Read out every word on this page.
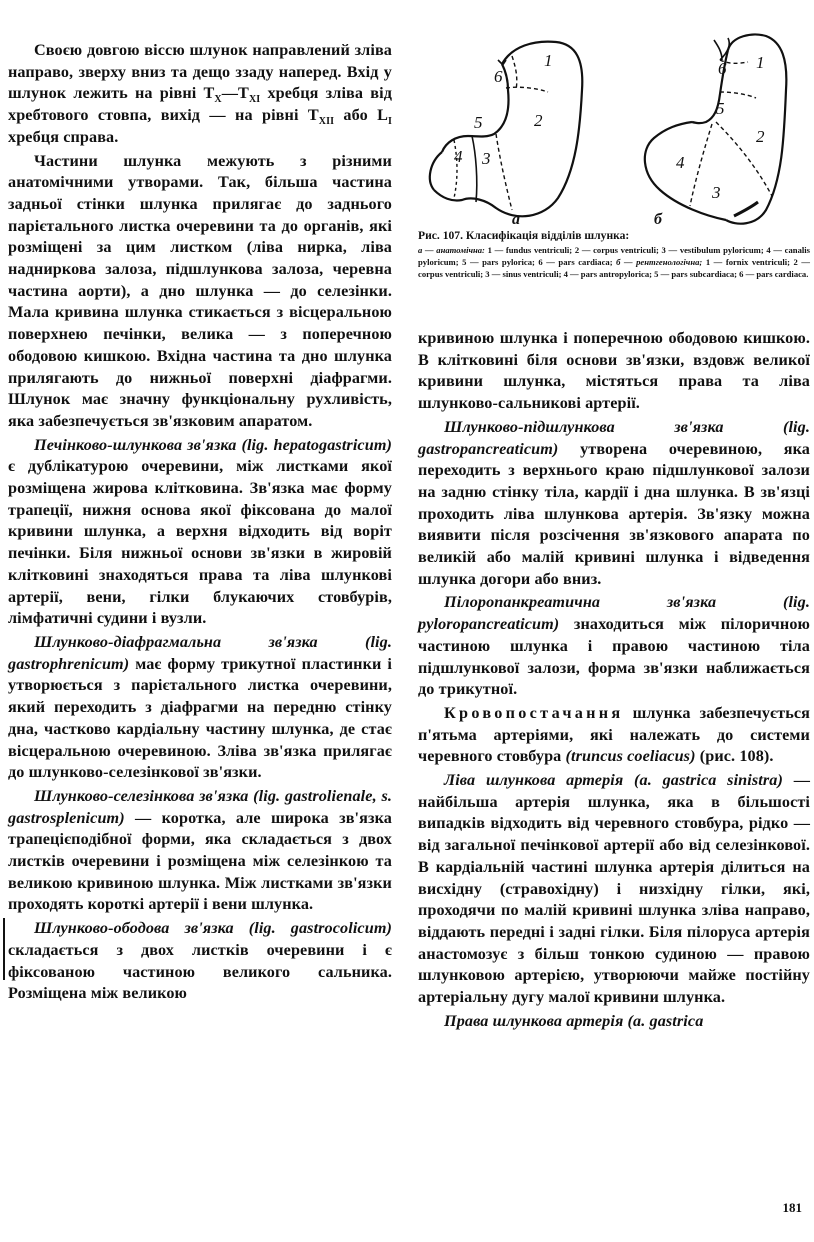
1
2
3
4
5
6
а
1
2
3
4
5
6
б
Рис. 107. Класифікація відділів шлунка:
а — анатомічна: 1 — fundus ventriculi; 2 — corpus ventriculi; 3 — vestibulum pyloricum; 4 — canalis pyloricum; 5 — pars pylorica; 6 — pars cardiaca; б — рентгенологічна; 1 — fornix ventriculi; 2 — corpus ventriculi; 3 — sinus ventriculi; 4 — pars antropylorica; 5 — pars subcardiaca; 6 — pars cardiaca.

Своєю довгою віссю шлунок направлений зліва направо, зверху вниз та дещо ззаду наперед. Вхід у шлунок лежить на рівні $Т_X—Т_{XI}$ хребця зліва від хребтового стовпа, вихід — на рівні $Т_{XII}$ або $L_I$ хребця справа.

Частини шлунка межують з різними анатомічними утворами. Так, більша частина задньої стінки шлунка прилягає до заднього парієтального листка очеревини та до органів, які розміщені за цим листком (ліва нирка, ліва надниркова залоза, підшлункова залоза, черевна частина аорти), а дно шлунка — до селезінки. Мала кривина шлунка стикається з вісцеральною поверхнею печінки, велика — з поперечною ободовою кишкою. Вхідна частина та дно шлунка прилягають до нижньої поверхні діафрагми. Шлунок має значну функціональну рухливість, яка забезпечується зв'язковим апаратом.

Печінково-шлункова зв'язка (lig. hepatogastricum) є дублікатурою очеревини, між листками якої розміщена жирова клітковина. Зв'язка має форму трапеції, нижня основа якої фіксована до малої кривини шлунка, а верхня відходить від воріт печінки. Біля нижньої основи зв'язки в жировій клітковині знаходяться права та ліва шлункові артерії, вени, гілки блукаючих стовбурів, лімфатичні судини і вузли.

Шлунково-діафрагмальна зв'язка (lig. gastrophrenicum) має форму трикутної пластинки і утворюється з парієтального листка очеревини, який переходить з діафрагми на передню стінку дна, частково кардіальну частину шлунка, де стає вісцеральною очеревиною. Зліва зв'язка прилягає до шлунково-селезінкової зв'язки.

Шлунково-селезінкова зв'язка (lig. gastrolienale, s. gastrosplenicum) — коротка, але широка зв'язка трапецієподібної форми, яка складається з двох листків очеревини і розміщена між селезінкою та великою кривиною шлунка. Між листками зв'язки проходять короткі артерії і вени шлунка.

Шлунково-ободова зв'язка (lig. gastrocolicum) складається з двох листків очеревини і є фіксованою частиною великого сальника. Розміщена між великою

кривиною шлунка і поперечною ободовою кишкою. В клітковині біля основи зв'язки, вздовж великої кривини шлунка, містяться права та ліва шлунково-сальникові артерії.

Шлунково-підшлункова зв'язка (lig. gastropancreaticum) утворена очеревиною, яка переходить з верхнього краю підшлункової залози на задню стінку тіла, кардії і дна шлунка. В зв'язці проходить ліва шлункова артерія. Зв'язку можна виявити після розсічення зв'язкового апарата по великій або малій кривині шлунка і відведення шлунка догори або вниз.

Пілоропанкреатична зв'язка (lig. pyloropancreaticum) знаходиться між пілоричною частиною шлунка і правою частиною тіла підшлункової залози, форма зв'язки наближається до трикутної.

Кровопостачання шлунка забезпечується п'ятьма артеріями, які належать до системи черевного стовбура (truncus coeliacus) (рис. 108).

Ліва шлункова артерія (a. gastrica sinistra) — найбільша артерія шлунка, яка в більшості випадків відходить від черевного стовбура, рідко — від загальної печінкової артерії або від селезінкової. В кардіальній частині шлунка артерія ділиться на висхідну (стравохідну) і низхідну гілки, які, проходячи по малій кривині шлунка зліва направо, віддають передні і задні гілки. Біля пілоруса артерія анастомозує з більш тонкою судиною — правою шлунковою артерією, утворюючи майже постійну артеріальну дугу малої кривини шлунка.

Права шлункова артерія (a. gastrica

181
